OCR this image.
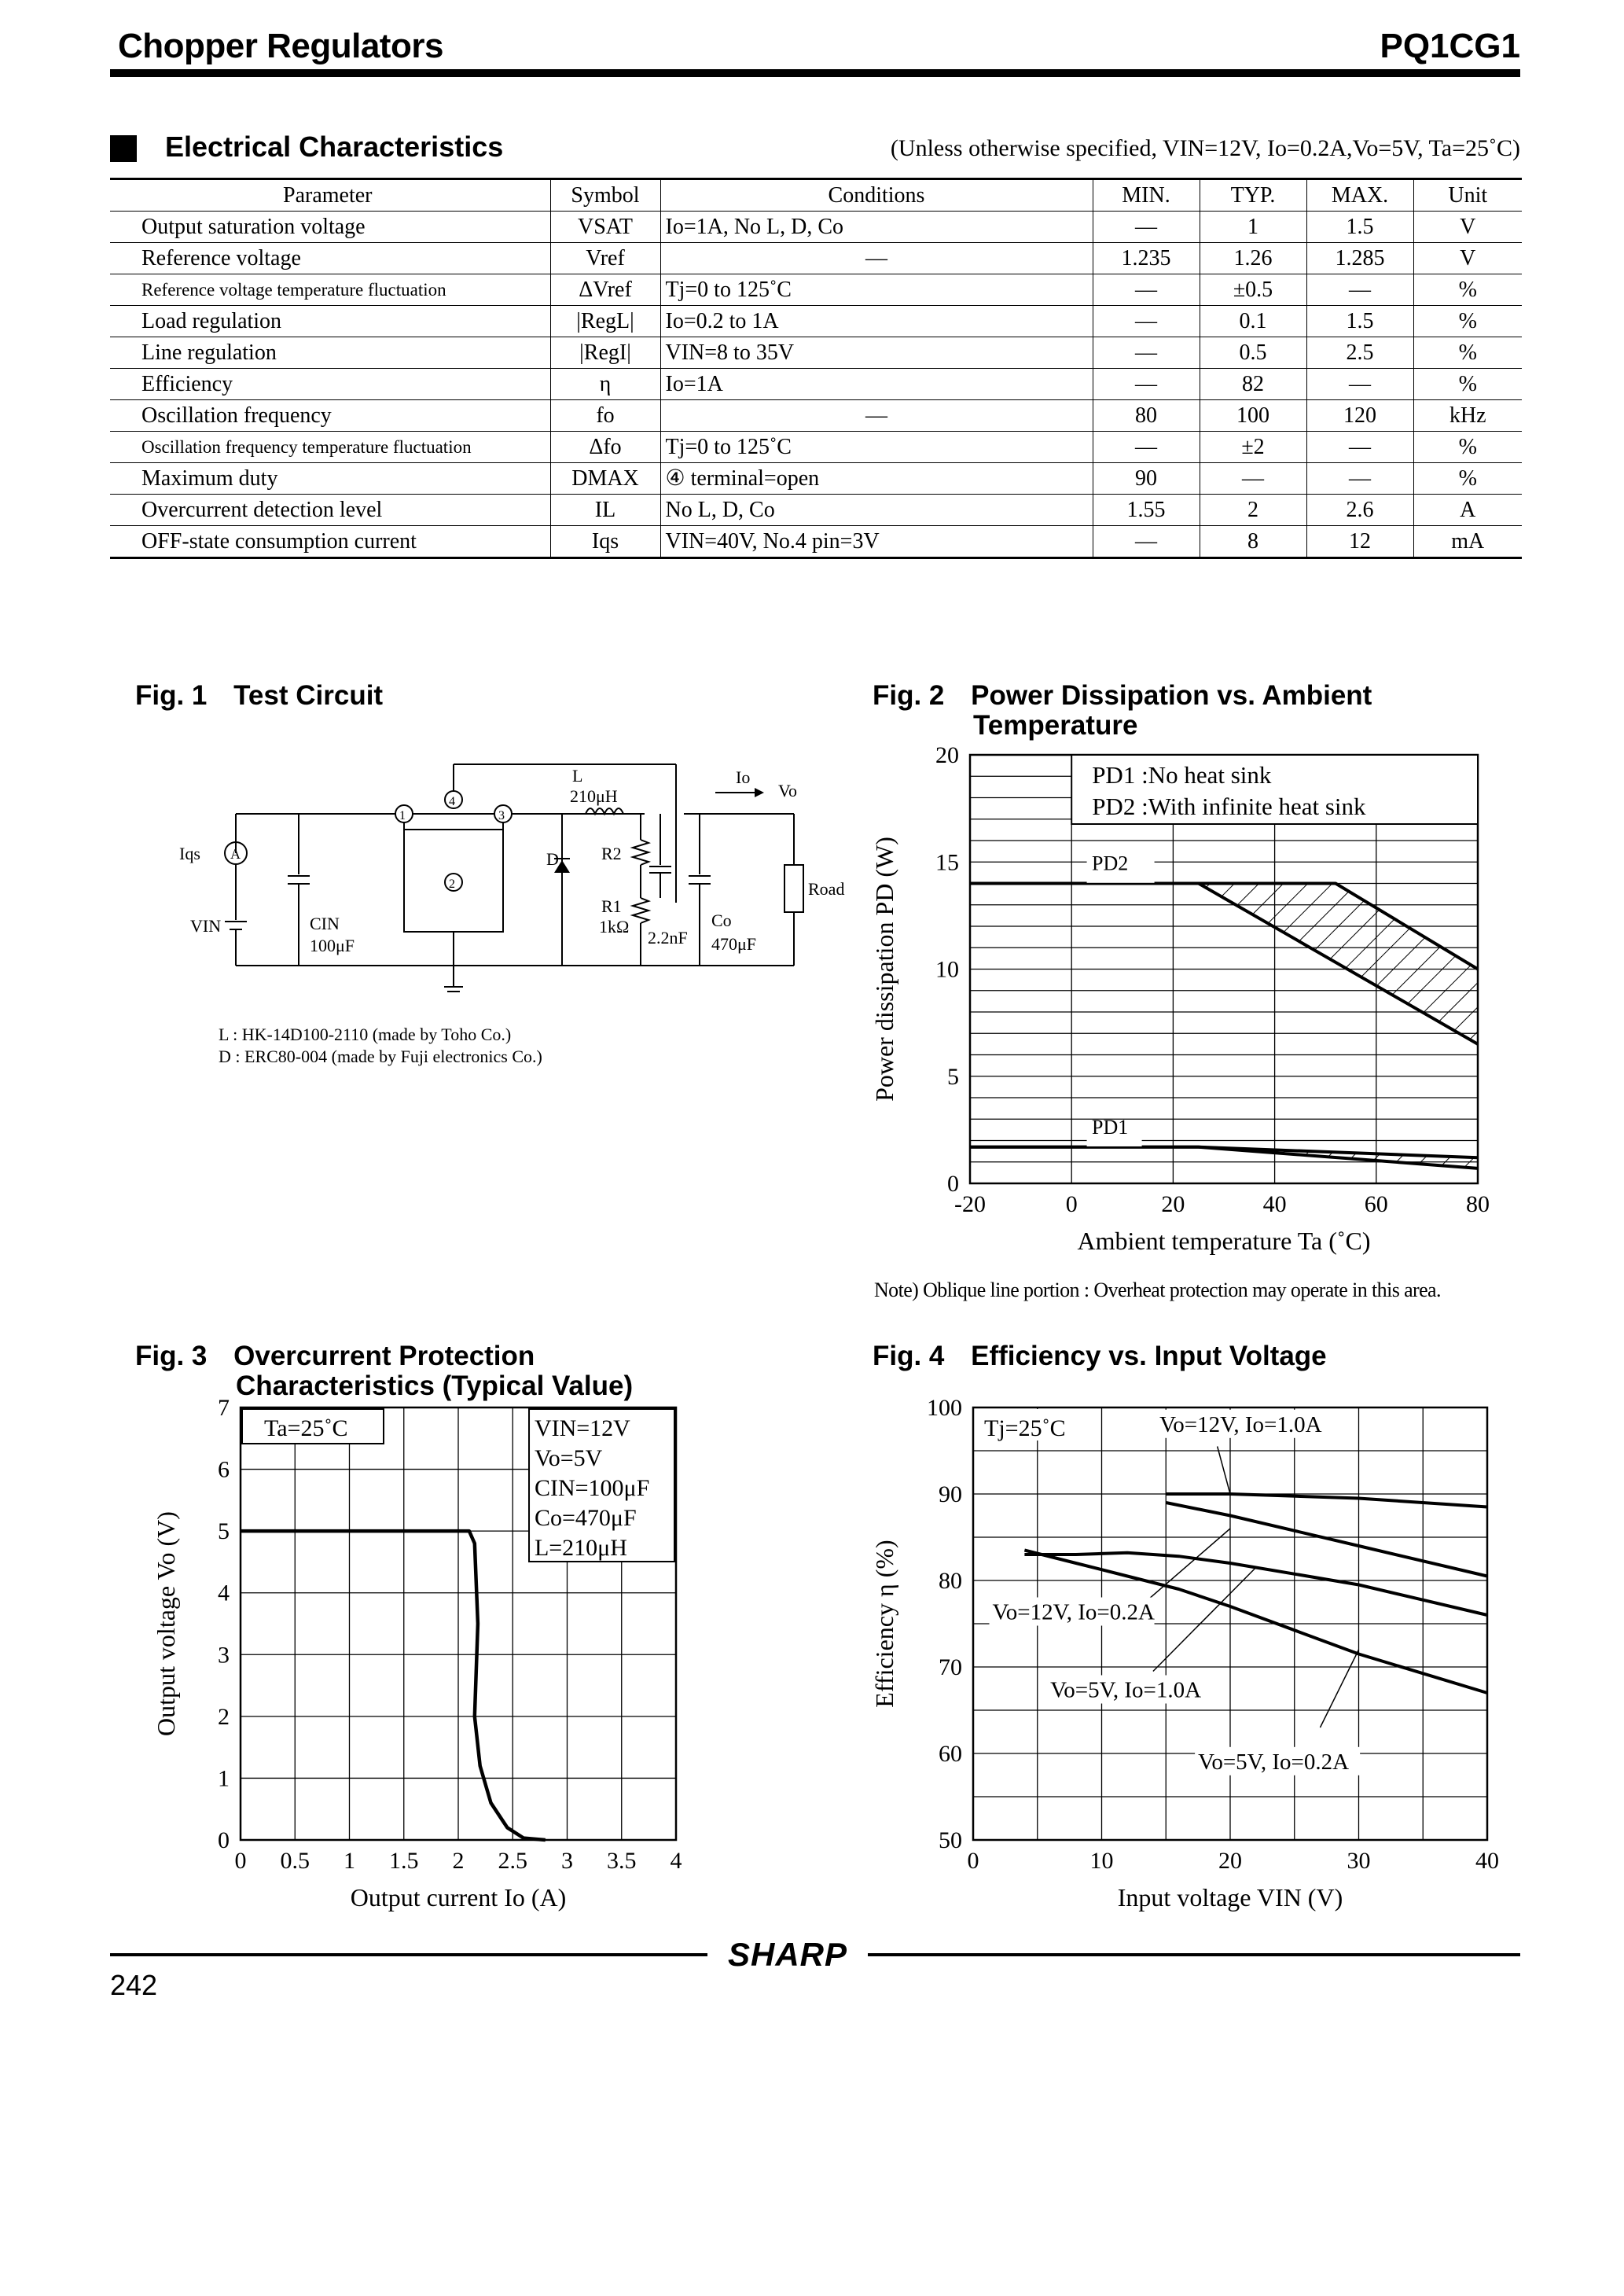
Chopper Regulators	PQ1CG1
Electrical Characteristics	(Unless otherwise specified, VIN=12V, Io=0.2A,Vo=5V, Ta=25˚C)
Parameter	Symbol	Conditions	MIN.	TYP.	MAX.	Unit
Output saturation voltage	VSAT	Io=1A, No L, D, Co	—	1	1.5	V
Reference voltage	Vref	—	1.235	1.26	1.285	V
Reference voltage temperature fluctuation	ΔVref	Tj=0 to 125˚C	—	±0.5	—	%
Load regulation	|RegL|	Io=0.2 to 1A	—	0.1	1.5	%
Line regulation	|RegI|	VIN=8 to 35V	—	0.5	2.5	%
Efficiency	η	Io=1A	—	82	—	%
Oscillation frequency	fo	—	80	100	120	kHz
Oscillation frequency temperature fluctuation	Δfo	Tj=0 to 125˚C	—	±2	—	%
Maximum duty	DMAX	④ terminal=open	90	—	—	%
Overcurrent detection level	IL	No L, D, Co	1.55	2	2.6	A
OFF-state consumption current	Iqs	VIN=40V, No.4 pin=3V	—	8	12	mA
Fig. 1 Test Circuit
Iqs A
VIN	CIN
100μF
L
210μH
D R2
R1
1kΩ
2.2nF
Co
470μF
Io
Vo
Road
1	3
4
2
L : HK-14D100-2110 (made by Toho Co.)
D : ERC80-004 (made by Fuji electronics Co.)
Fig. 2 Power Dissipation vs. Ambient
Temperature
-20	0	20	40	60	80
0
5
10
15
20
Ambient temperature Ta (˚C)
Power dissipation PD (W)
PD1 :No heat sink
PD2 :With infinite heat sink
PD2
PD1
Note) Oblique line portion : Overheat protection may operate in this area.
Fig. 3 Overcurrent Protection
Characteristics (Typical Value)
0 0.5 1 1.5 2 2.5 3 3.5 4
0
1
2
3
4
5
6
7
Output current Io (A)
Output voltage Vo (V)
Ta=25˚C	VIN=12V
Vo=5V
CIN=100μF
Co=470μF
L=210μH
Fig. 4 Efficiency vs. Input Voltage
0	10	20	30	40
50
60
70
80
90
100
Input voltage VIN (V)
Efficiency η (%)
Tj=25˚C	Vo=12V, Io=1.0A
Vo=12V, Io=0.2A
Vo=5V, Io=1.0A
Vo=5V, Io=0.2A
SHARP
242
